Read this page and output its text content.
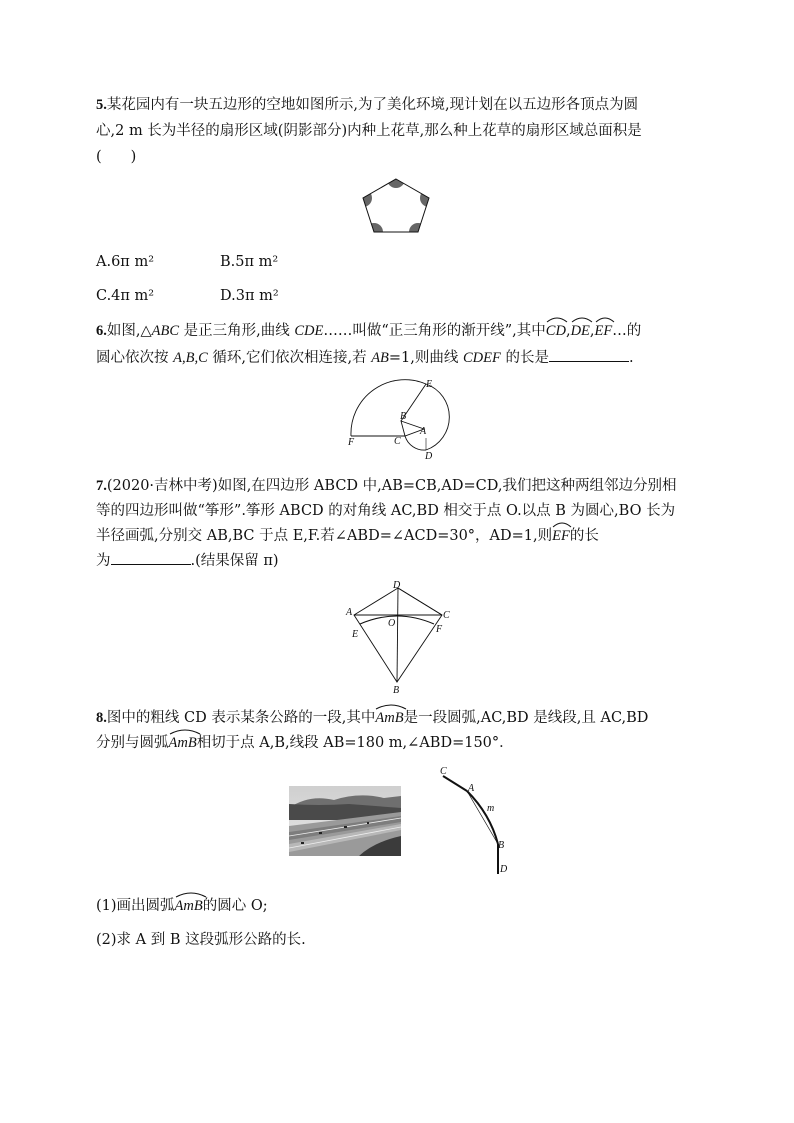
5.某花园内有一块五边形的空地如图所示,为了美化环境,现计划在以五边形各顶点为圆
心,2 m 长为半径的扇形区域(阴影部分)内种上花草,那么种上花草的扇形区域总面积是
(　　)
A.6π m²	B.5π m²
C.4π m²	D.3π m²
6.如图,△ABC 是正三角形,曲线 CDE……叫做“正三角形的渐开线”,其中
CD,
DE,
EF…的
圆心依次按 A,B,C 循环,它们依次相连接,若 AB=1,则曲线 CDEF 的长是	.
E
B
A
C
F
D
7.(2020·吉林中考)如图,在四边形 ABCD 中,AB=CB,AD=CD,我们把这种两组邻边分别相
等的四边形叫做“筝形”.筝形 ABCD 的对角线 AC,BD 相交于点 O.以点 B 为圆心,BO 长为
半径画弧,分别交 AB,BC 于点 E,F.若∠ABD=∠ACD=30°，AD=1,则
EF的长
为	.(结果保留 π)
D
A	C
O
E	F
B
8.图中的粗线 CD 表示某条公路的一段,其中
AmB是一段圆弧,AC,BD 是线段,且 AC,BD
分别与圆弧
AmB相切于点 A,B,线段 AB=180 m,∠ABD=150°．
C
A
m
B
D
(1)画出圆弧
AmB的圆心 O;
(2)求 A 到 B 这段弧形公路的长.
